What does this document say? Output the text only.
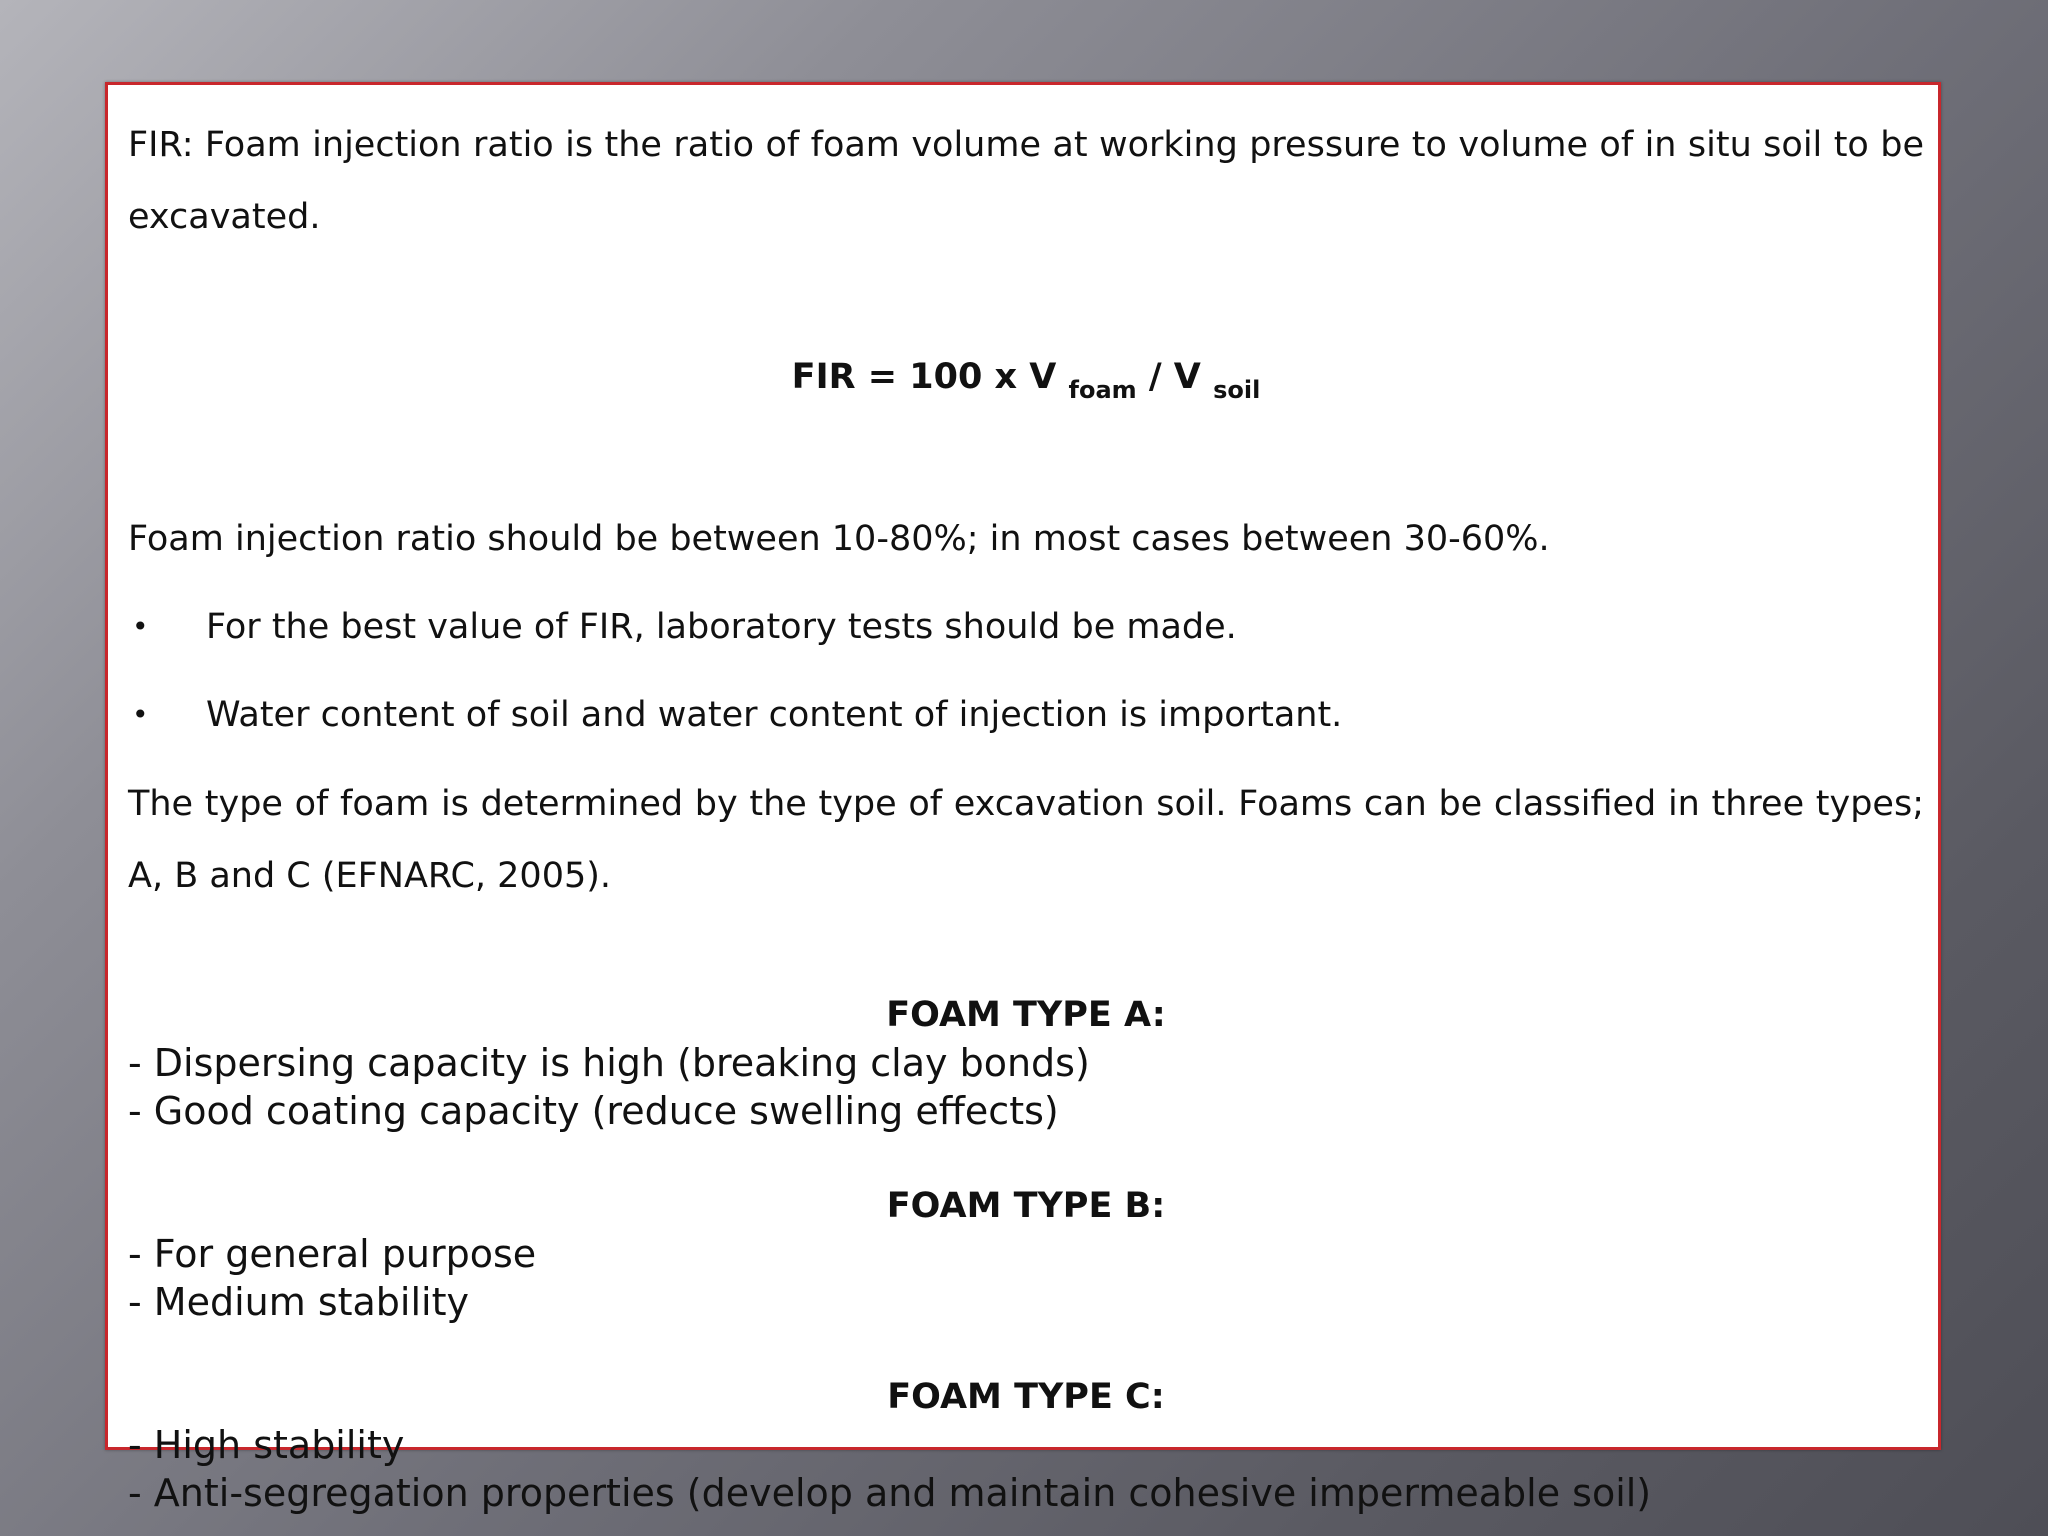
FIR: Foam injection ratio is the ratio of foam volume at working pressure to volume of in situ soil to be excavated.

FIR = 100 x V $_{foam}$ / V $_{soil}$

Foam injection ratio should be between 10-80%; in most cases between 30-60%.

• For the best value of FIR, laboratory tests should be made.
• Water content of soil and water content of injection is important.

The type of foam is determined by the type of excavation soil. Foams can be classified in three types; A, B and C (EFNARC, 2005).

FOAM TYPE A:

- Dispersing capacity is high (breaking clay bonds)

- Good coating capacity (reduce swelling effects)

FOAM TYPE B:

- For general purpose

- Medium stability

FOAM TYPE C:

- High stability

- Anti-segregation properties (develop and maintain cohesive impermeable soil)
